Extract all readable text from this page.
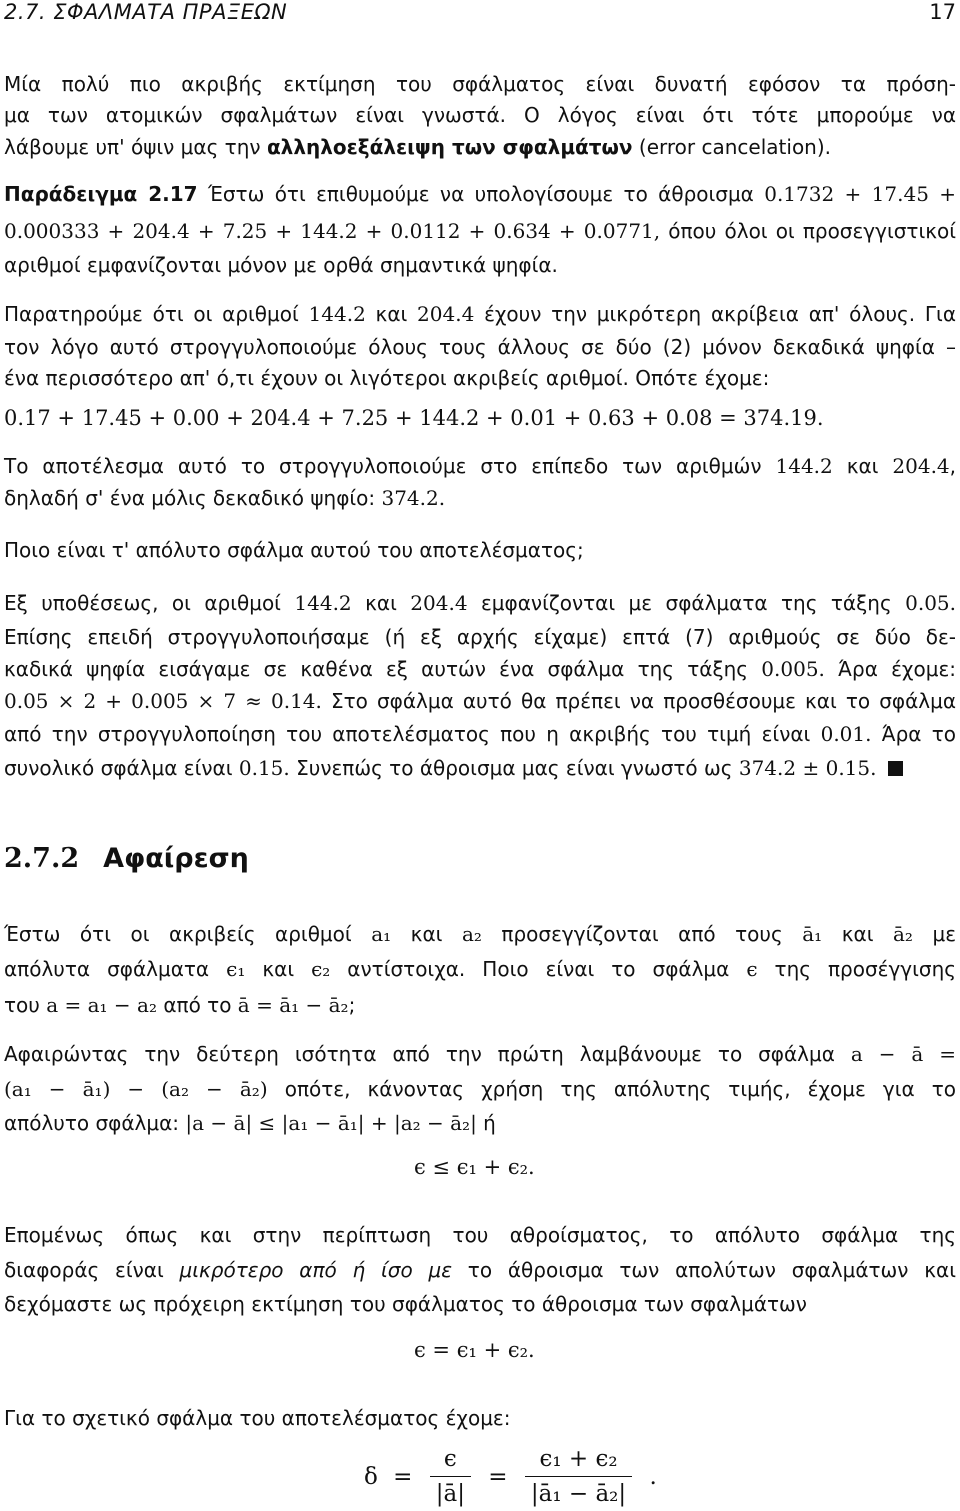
2.7. ΣΦΑΛΜΑΤΑ ΠΡΑΞΕΩΝ	17
Μία πολύ πιο ακριβής εκτίμηση του σφάλματος είναι δυνατή εφόσον τα πρόση-
μα των ατομικών σφαλμάτων είναι γνωστά. Ο λόγος είναι ότι τότε μπορούμε να
λάβουμε υπ' όψιν μας την αλληλοεξάλειψη των σφαλμάτων (error cancelation).
Παράδειγμα 2.17 Έστω ότι επιθυμούμε να υπολογίσουμε το άθροισμα 0.1732 + 17.45 +
0.000333 + 204.4 + 7.25 + 144.2 + 0.0112 + 0.634 + 0.0771, όπου όλοι οι προσεγγιστικοί
αριθμοί εμφανίζονται μόνον με ορθά σημαντικά ψηφία.
Παρατηρούμε ότι οι αριθμοί 144.2 και 204.4 έχουν την μικρότερη ακρίβεια απ' όλους. Για
τον λόγο αυτό στρογγυλοποιούμε όλους τους άλλους σε δύο (2) μόνον δεκαδικά ψηφία –
ένα περισσότερο απ' ό,τι έχουν οι λιγότεροι ακριβείς αριθμοί. Οπότε έχομε:
0.17 + 17.45 + 0.00 + 204.4 + 7.25 + 144.2 + 0.01 + 0.63 + 0.08 = 374.19.
Το αποτέλεσμα αυτό το στρογγυλοποιούμε στο επίπεδο των αριθμών 144.2 και 204.4,
δηλαδή σ' ένα μόλις δεκαδικό ψηφίο: 374.2.
Ποιο είναι τ' απόλυτο σφάλμα αυτού του αποτελέσματος;
Εξ υποθέσεως, οι αριθμοί 144.2 και 204.4 εμφανίζονται με σφάλματα της τάξης 0.05.
Επίσης επειδή στρογγυλοποιήσαμε (ή εξ αρχής είχαμε) επτά (7) αριθμούς σε δύο δε-
καδικά ψηφία εισάγαμε σε καθένα εξ αυτών ένα σφάλμα της τάξης 0.005. Άρα έχομε:
0.05 × 2 + 0.005 × 7 ≈ 0.14. Στο σφάλμα αυτό θα πρέπει να προσθέσουμε και το σφάλμα
από την στρογγυλοποίηση του αποτελέσματος που η ακριβής του τιμή είναι 0.01. Άρα το
συνολικό σφάλμα είναι 0.15. Συνεπώς το άθροισμα μας είναι γνωστό ως 374.2 ± 0.15.
2.7.2 Αφαίρεση
Έστω ότι οι ακριβείς αριθμοί a₁ και a₂ προσεγγίζονται από τους ā₁ και ā₂ με
απόλυτα σφάλματα ϵ₁ και ϵ₂ αντίστοιχα. Ποιο είναι το σφάλμα ϵ της προσέγγισης
του a = a₁ − a₂ από το ā = ā₁ − ā₂;
Αφαιρώντας την δεύτερη ισότητα από την πρώτη λαμβάνουμε το σφάλμα a − ā =
(a₁ − ā₁) − (a₂ − ā₂) οπότε, κάνοντας χρήση της απόλυτης τιμής, έχομε για το
απόλυτο σφάλμα: |a − ā| ≤ |a₁ − ā₁| + |a₂ − ā₂| ή
ϵ ≤ ϵ₁ + ϵ₂.
Επομένως όπως και στην περίπτωση του αθροίσματος, το απόλυτο σφάλμα της
διαφοράς είναι μικρότερο από ή ίσο με το άθροισμα των απολύτων σφαλμάτων και
δεχόμαστε ως πρόχειρη εκτίμηση του σφάλματος το άθροισμα των σφαλμάτων
ϵ = ϵ₁ + ϵ₂.
Για το σχετικό σφάλμα του αποτελέσματος έχομε:
$\delta = \frac{\epsilon}{|ā|} = \frac{\text{ϵ₁ + ϵ₂}}{\text{|ā₁ − ā₂|}}$ .
